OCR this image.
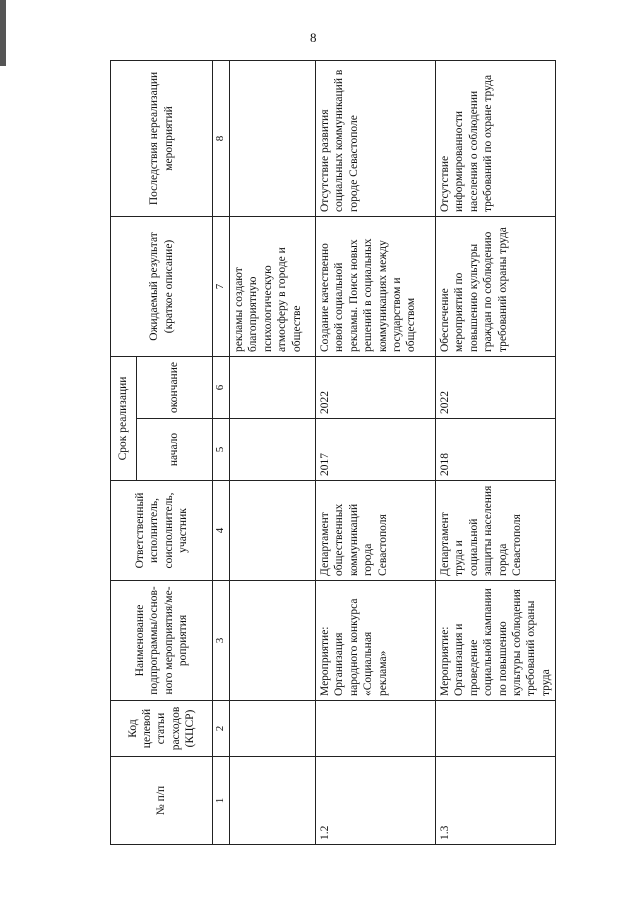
8
№ п/п	Код целевой статьи расходов (КЦСР)	Наименование подпрограммы/основ-ного мероприятия/ме-роприятия	Ответственный исполнитель, соисполнитель, участник	Срок реализации		Ожидаемый результат (краткое описание)	Последствия нереализации мероприятий
				начало	окончание		
1	2	3	4	5	6	7	8
						рекламы создают благоприятную психологическую атмосферу в городе и обществе	
1.2		Мероприятие: Организация народного конкурса «Социальная реклама»	Департамент общественных коммуникаций города Севастополя	2017	2022	Создание качественно новой социальной рекламы. Поиск новых решений в социальных коммуникациях между государством и обществом	Отсутствие развития социальных коммуникаций в городе Севастополе
1.3		Мероприятие: Организация и проведение социальной кампании по повышению культуры соблюдения требований охраны труда	Департамент труда и социальной защиты населения города Севастополя	2018	2022	Обеспечение мероприятий по повышению культуры граждан по соблюдению требований охраны труда	Отсутствие информированности населения о соблюдении требований по охране труда
